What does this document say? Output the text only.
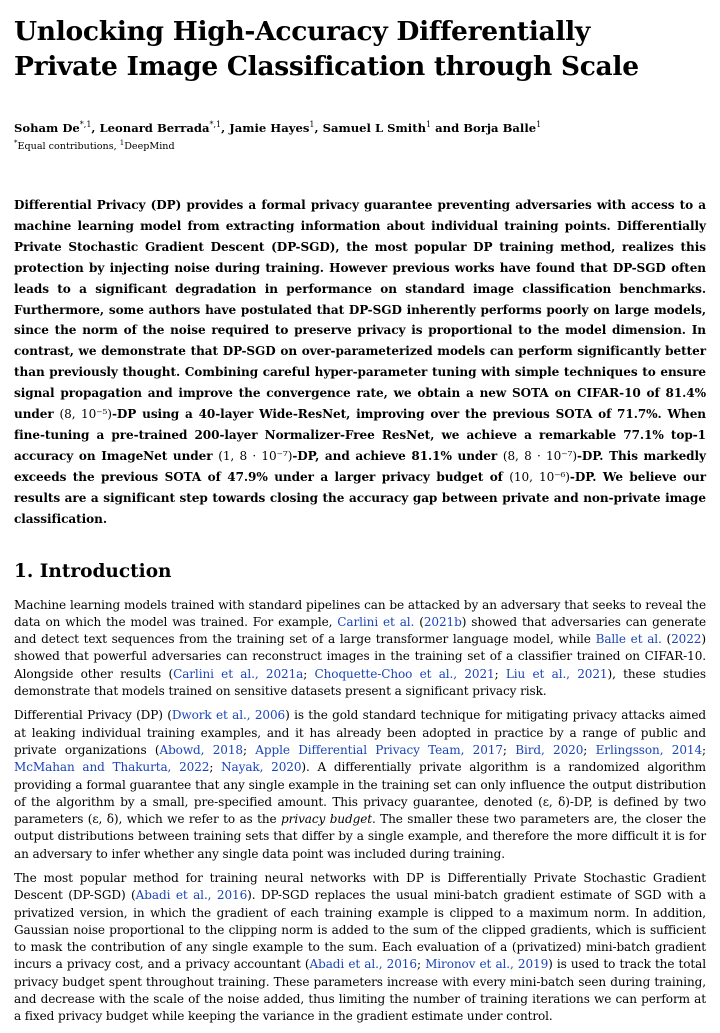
Unlocking High-Accuracy Differentially
Private Image Classification through Scale
Soham $De^{*,1}$, Leonard Berrada$^{*,1}$, Jamie Hayes$^1$, Samuel L Smith$^1$ and Borja Balle$^1$
*Equal contributions, $^1$DeepMind
Differential Privacy (DP) provides a formal privacy guarantee preventing adversaries with access to a machine learning model from extracting information about individual training points. Differentially Private Stochastic Gradient Descent (DP-SGD), the most popular DP training method, realizes this protection by injecting noise during training. However previous works have found that DP-SGD often leads to a significant degradation in performance on standard image classification benchmarks. Furthermore, some authors have postulated that DP-SGD inherently performs poorly on large models, since the norm of the noise required to preserve privacy is proportional to the model dimension. In contrast, we demonstrate that DP-SGD on over-parameterized models can perform significantly better than previously thought. Combining careful hyper-parameter tuning with simple techniques to ensure signal propagation and improve the convergence rate, we obtain a new SOTA on CIFAR-10 of 81.4% under (8, 10⁻⁵)-DP using a 40-layer Wide-ResNet, improving over the previous SOTA of 71.7%. When fine-tuning a pre-trained 200-layer Normalizer-Free ResNet, we achieve a remarkable 77.1% top-1 accuracy on ImageNet under (1, 8 · 10⁻⁷)-DP, and achieve 81.1% under (8, 8 · 10⁻⁷)-DP. This markedly exceeds the previous SOTA of 47.9% under a larger privacy budget of (10, 10⁻⁶)-DP. We believe our results are a significant step towards closing the accuracy gap between private and non-private image classification.
1. Introduction

Machine learning models trained with standard pipelines can be attacked by an adversary that seeks to reveal the data on which the model was trained. For example, Carlini et al. (2021b) showed that adversaries can generate and detect text sequences from the training set of a large transformer language model, while Balle et al. (2022) showed that powerful adversaries can reconstruct images in the training set of a classifier trained on CIFAR-10. Alongside other results (Carlini et al., 2021a; Choquette-Choo et al., 2021; Liu et al., 2021), these studies demonstrate that models trained on sensitive datasets present a significant privacy risk.

Differential Privacy (DP) (Dwork et al., 2006) is the gold standard technique for mitigating privacy attacks aimed at leaking individual training examples, and it has already been adopted in practice by a range of public and private organizations (Abowd, 2018; Apple Differential Privacy Team, 2017; Bird, 2020; Erlingsson, 2014; McMahan and Thakurta, 2022; Nayak, 2020). A differentially private algorithm is a randomized algorithm providing a formal guarantee that any single example in the training set can only influence the output distribution of the algorithm by a small, pre-specified amount. This privacy guarantee, denoted (ε, δ)-DP, is defined by two parameters (ε, δ), which we refer to as the privacy budget. The smaller these two parameters are, the closer the output distributions between training sets that differ by a single example, and therefore the more difficult it is for an adversary to infer whether any single data point was included during training.

The most popular method for training neural networks with DP is Differentially Private Stochastic Gradient Descent (DP-SGD) (Abadi et al., 2016). DP-SGD replaces the usual mini-batch gradient estimate of SGD with a privatized version, in which the gradient of each training example is clipped to a maximum norm. In addition, Gaussian noise proportional to the clipping norm is added to the sum of the clipped gradients, which is sufficient to mask the contribution of any single example to the sum. Each evaluation of a (privatized) mini-batch gradient incurs a privacy cost, and a privacy accountant (Abadi et al., 2016; Mironov et al., 2019) is used to track the total privacy budget spent throughout training. These parameters increase with every mini-batch seen during training, and decrease with the scale of the noise added, thus limiting the number of training iterations we can perform at a fixed privacy budget while keeping the variance in the gradient estimate under control.
